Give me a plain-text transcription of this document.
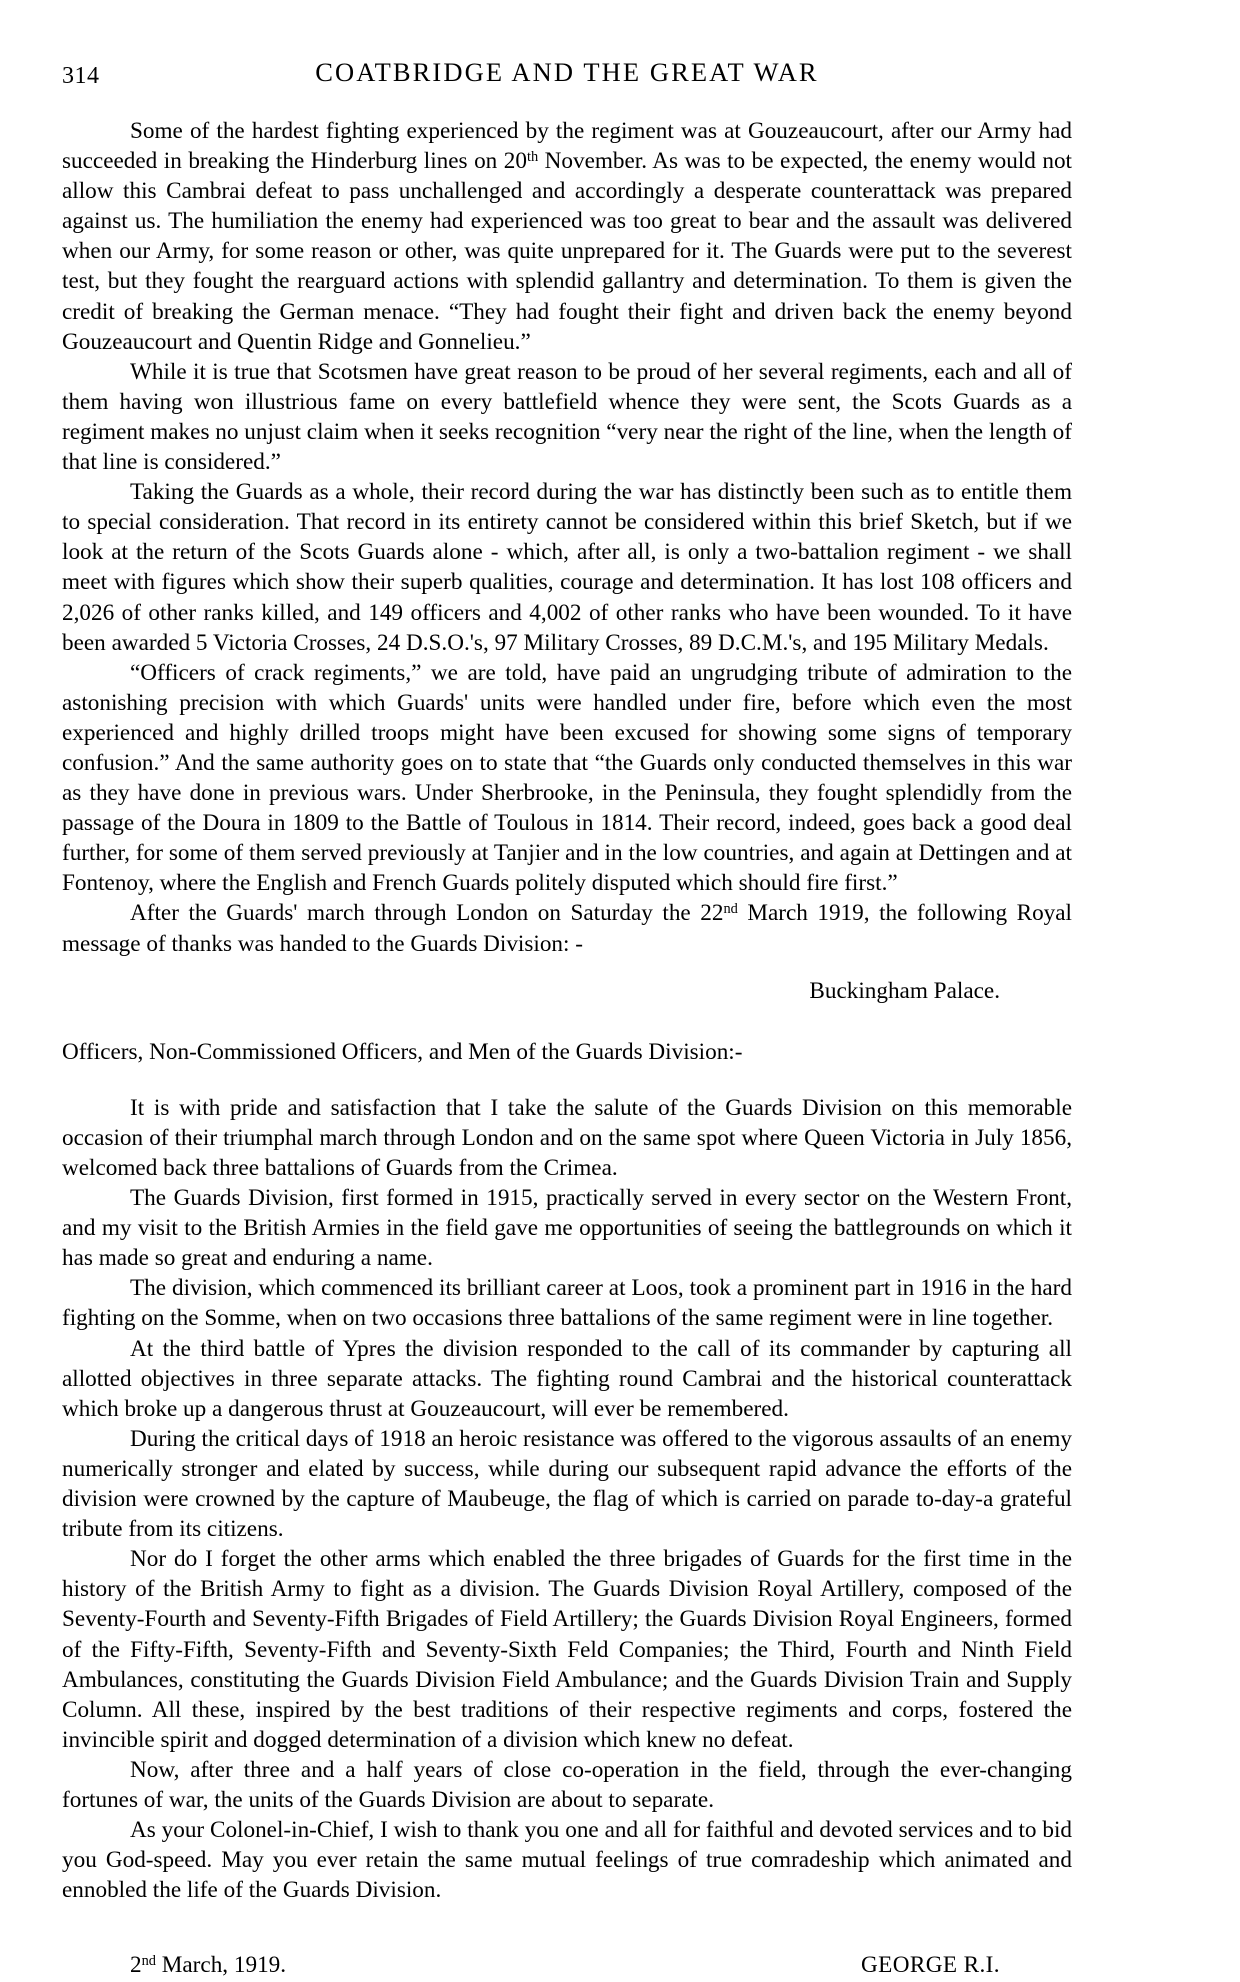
314	COATBRIDGE AND THE GREAT WAR

Some of the hardest fighting experienced by the regiment was at Gouzeaucourt, after our Army had succeeded in breaking the Hinderburg lines on 20th November. As was to be expected, the enemy would not allow this Cambrai defeat to pass unchallenged and accordingly a desperate counterattack was prepared against us. The humiliation the enemy had experienced was too great to bear and the assault was delivered when our Army, for some reason or other, was quite unprepared for it. The Guards were put to the severest test, but they fought the rearguard actions with splendid gallantry and determination. To them is given the credit of breaking the German menace. “They had fought their fight and driven back the enemy beyond Gouzeaucourt and Quentin Ridge and Gonnelieu.”

While it is true that Scotsmen have great reason to be proud of her several regiments, each and all of them having won illustrious fame on every battlefield whence they were sent, the Scots Guards as a regiment makes no unjust claim when it seeks recognition “very near the right of the line, when the length of that line is considered.”

Taking the Guards as a whole, their record during the war has distinctly been such as to entitle them to special consideration. That record in its entirety cannot be considered within this brief Sketch, but if we look at the return of the Scots Guards alone - which, after all, is only a two-battalion regiment - we shall meet with figures which show their superb qualities, courage and determination. It has lost 108 officers and 2,026 of other ranks killed, and 149 officers and 4,002 of other ranks who have been wounded. To it have been awarded 5 Victoria Crosses, 24 D.S.O.'s, 97 Military Crosses, 89 D.C.M.'s, and 195 Military Medals.

“Officers of crack regiments,” we are told, have paid an ungrudging tribute of admiration to the astonishing precision with which Guards' units were handled under fire, before which even the most experienced and highly drilled troops might have been excused for showing some signs of temporary confusion.” And the same authority goes on to state that “the Guards only conducted themselves in this war as they have done in previous wars. Under Sherbrooke, in the Peninsula, they fought splendidly from the passage of the Doura in 1809 to the Battle of Toulous in 1814. Their record, indeed, goes back a good deal further, for some of them served previously at Tanjier and in the low countries, and again at Dettingen and at Fontenoy, where the English and French Guards politely disputed which should fire first.”

After the Guards' march through London on Saturday the 22nd March 1919, the following Royal message of thanks was handed to the Guards Division: -

Buckingham Palace.

Officers, Non-Commissioned Officers, and Men of the Guards Division:-

It is with pride and satisfaction that I take the salute of the Guards Division on this memorable occasion of their triumphal march through London and on the same spot where Queen Victoria in July 1856, welcomed back three battalions of Guards from the Crimea.

The Guards Division, first formed in 1915, practically served in every sector on the Western Front, and my visit to the British Armies in the field gave me opportunities of seeing the battlegrounds on which it has made so great and enduring a name.

The division, which commenced its brilliant career at Loos, took a prominent part in 1916 in the hard fighting on the Somme, when on two occasions three battalions of the same regiment were in line together.

At the third battle of Ypres the division responded to the call of its commander by capturing all allotted objectives in three separate attacks. The fighting round Cambrai and the historical counterattack which broke up a dangerous thrust at Gouzeaucourt, will ever be remembered.

During the critical days of 1918 an heroic resistance was offered to the vigorous assaults of an enemy numerically stronger and elated by success, while during our subsequent rapid advance the efforts of the division were crowned by the capture of Maubeuge, the flag of which is carried on parade to-day-a grateful tribute from its citizens.

Nor do I forget the other arms which enabled the three brigades of Guards for the first time in the history of the British Army to fight as a division. The Guards Division Royal Artillery, composed of the Seventy-Fourth and Seventy-Fifth Brigades of Field Artillery; the Guards Division Royal Engineers, formed of the Fifty-Fifth, Seventy-Fifth and Seventy-Sixth Feld Companies; the Third, Fourth and Ninth Field Ambulances, constituting the Guards Division Field Ambulance; and the Guards Division Train and Supply Column. All these, inspired by the best traditions of their respective regiments and corps, fostered the invincible spirit and dogged determination of a division which knew no defeat.

Now, after three and a half years of close co-operation in the field, through the ever-changing fortunes of war, the units of the Guards Division are about to separate.

As your Colonel-in-Chief, I wish to thank you one and all for faithful and devoted services and to bid you God-speed. May you ever retain the same mutual feelings of true comradeship which animated and ennobled the life of the Guards Division.

2nd March, 1919.	GEORGE R.I.
